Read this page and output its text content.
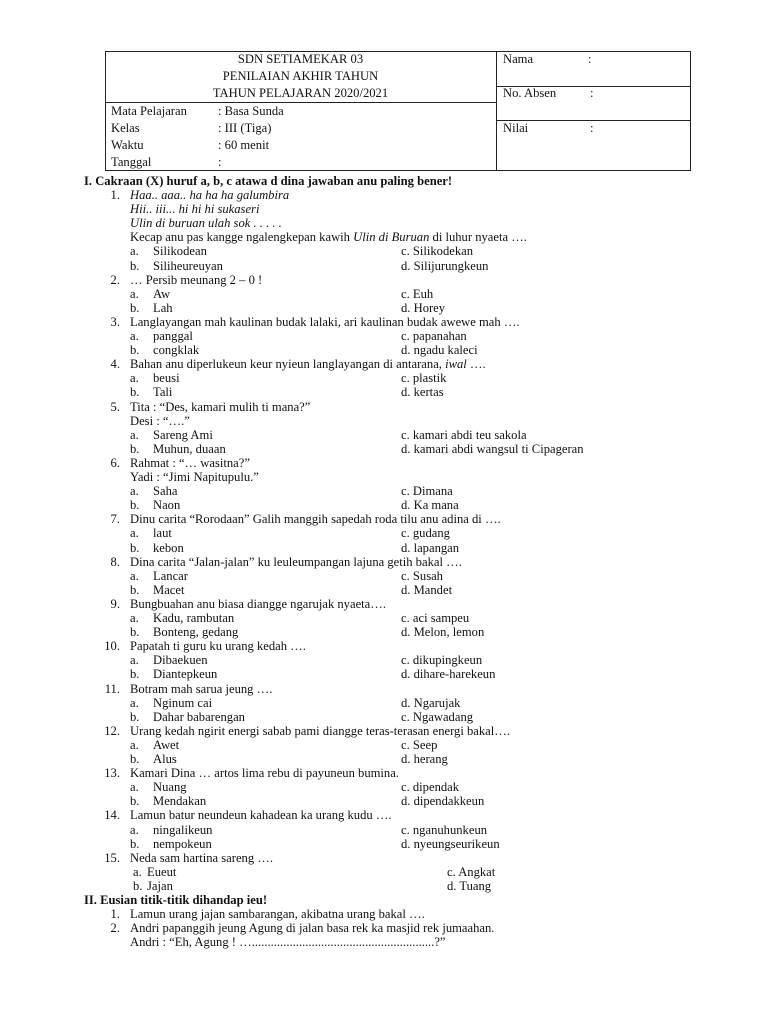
SDN SETIAMEKAR 03
PENILAIAN AKHIR TAHUN
TAHUN PELAJARAN 2020/2021
Mata Pelajaran : Basa Sunda
Kelas	: III (Tiga)
Waktu	: 60 menit
Tanggal	:
Nama	:
No. Absen	:
Nilai	:
I. Cakraan (X) huruf a, b, c atawa d dina jawaban anu paling bener!
1. Haa.. aaa.. ha ha ha galumbira
Hii.. iii... hi hi hi sukaseri
Ulin di buruan ulah sok . . . . .
Kecap anu pas kangge ngalengkepan kawih Ulin di Buruan di luhur nyaeta ….
a. Silikodean	c. Silikodekan
b. Siliheureuyan	d. Silijurungkeun
2. … Persib meunang 2 – 0 !
a. Aw	c. Euh
b. Lah	d. Horey
3. Langlayangan mah kaulinan budak lalaki, ari kaulinan budak awewe mah ….
a. panggal	c. papanahan
b. congklak	d. ngadu kaleci
4. Bahan anu diperlukeun keur nyieun langlayangan di antarana, iwal ….
a. beusi	c. plastik
b. Tali	d. kertas
5. Tita : “Des, kamari mulih ti mana?”
Desi : “….”
a. Sareng Ami	c. kamari abdi teu sakola
b. Muhun, duaan	d. kamari abdi wangsul ti Cipageran
6. Rahmat : “… wasitna?”
Yadi : “Jimi Napitupulu.”
a. Saha	c. Dimana
b. Naon	d. Ka mana
7. Dinu carita “Rorodaan” Galih manggih sapedah roda tilu anu adina di ….
a. laut	c. gudang
b. kebon	d. lapangan
8. Dina carita “Jalan-jalan” ku leuleumpangan lajuna getih bakal ….
a. Lancar	c. Susah
b. Macet	d. Mandet
9. Bungbuahan anu biasa diangge ngarujak nyaeta….
a. Kadu, rambutan	c. aci sampeu
b. Bonteng, gedang	d. Melon, lemon
10. Papatah ti guru ku urang kedah ….
a. Dibaekuen	c. dikupingkeun
b. Diantepkeun	d. dihare-harekeun
11. Botram mah sarua jeung ….
a. Nginum cai	d. Ngarujak
b. Dahar babarengan	c. Ngawadang
12. Urang kedah ngirit energi sabab pami diangge teras-terasan energi bakal….
a. Awet	c. Seep
b. Alus	d. herang
13. Kamari Dina … artos lima rebu di payuneun bumina.
a. Nuang	c. dipendak
b. Mendakan	d. dipendakkeun
14. Lamun batur neundeun kahadean ka urang kudu ….
a. ningalikeun	c. nganuhunkeun
b. nempokeun	d. nyeungseurikeun
15. Neda sam hartina sareng ….
a. Eueut	c. Angkat
b. Jajan	d. Tuang
II. Eusian titik-titik dihandap ieu!
1. Lamun urang jajan sambarangan, akibatna urang bakal ….
2. Andri papanggih jeung Agung di jalan basa rek ka masjid rek jumaahan.
Andri : “Eh, Agung ! …..........................................................?”
